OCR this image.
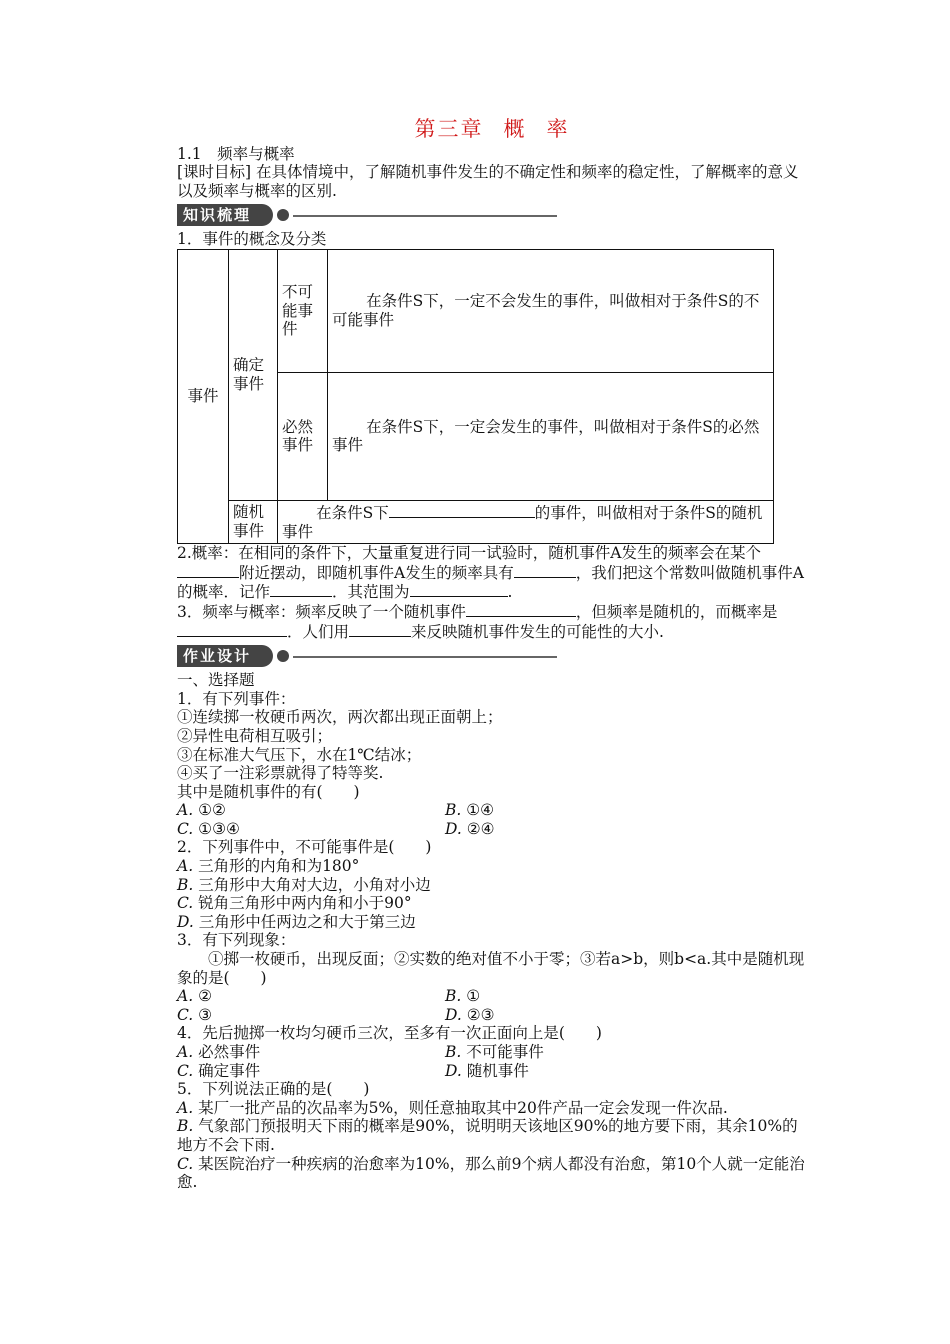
第三章 概 率

1.1　 频率与概率

[课时目标] 在具体情境中，了解随机事件发生的不确定性和频率的稳定性，了解概率的意义以及频率与概率的区别.

知识梳理

1．事件的概念及分类

事件	确定事件	不可能事件	在条件S下，一定不会发生的事件，叫做相对于条件S的不可能事件
		必然事件	在条件S下，一定会发生的事件，叫做相对于条件S的必然事件
	随机事件	在条件S下 的事件，叫做相对于条件S的随机事件	

2.概率：在相同的条件下，大量重复进行同一试验时，随机事件A发生的频率会在某个附近摆动，即随机事件A发生的频率具有	，我们把这个常数叫做随机事件A的概率．记作	．其范围为	.

3．频率与概率：频率反映了一个随机事件	，但频率是随机的，而概率是．人们用	来反映随机事件发生的可能性的大小.

作业设计

一、选择题

1．有下列事件：

①连续掷一枚硬币两次，两次都出现正面朝上；

②异性电荷相互吸引；

③在标准大气压下，水在1℃结冰；

④买了一注彩票就得了特等奖.

其中是随机事件的有(　　)

A. ①②	B. ①④
C. ①③④	D. ②④

2．下列事件中，不可能事件是(　　)

A. 三角形的内角和为180°

B. 三角形中大角对大边，小角对小边

C. 锐角三角形中两内角和小于90°

D. 三角形中任两边之和大于第三边

3．有下列现象：

①掷一枚硬币，出现反面；②实数的绝对值不小于零；③若a>b，则b<a.其中是随机现象的是(　　)

A. ②	B. ①
C. ③	D. ②③

4．先后抛掷一枚均匀硬币三次，至多有一次正面向上是(　　)

A. 必然事件	B. 不可能事件
C. 确定事件	D. 随机事件

5．下列说法正确的是(　　)

A. 某厂一批产品的次品率为5%，则任意抽取其中20件产品一定会发现一件次品.

B. 气象部门预报明天下雨的概率是90%，说明明天该地区90%的地方要下雨，其余10%的地方不会下雨.

C. 某医院治疗一种疾病的治愈率为10%，那么前9个病人都没有治愈，第10个人就一定能治愈.
